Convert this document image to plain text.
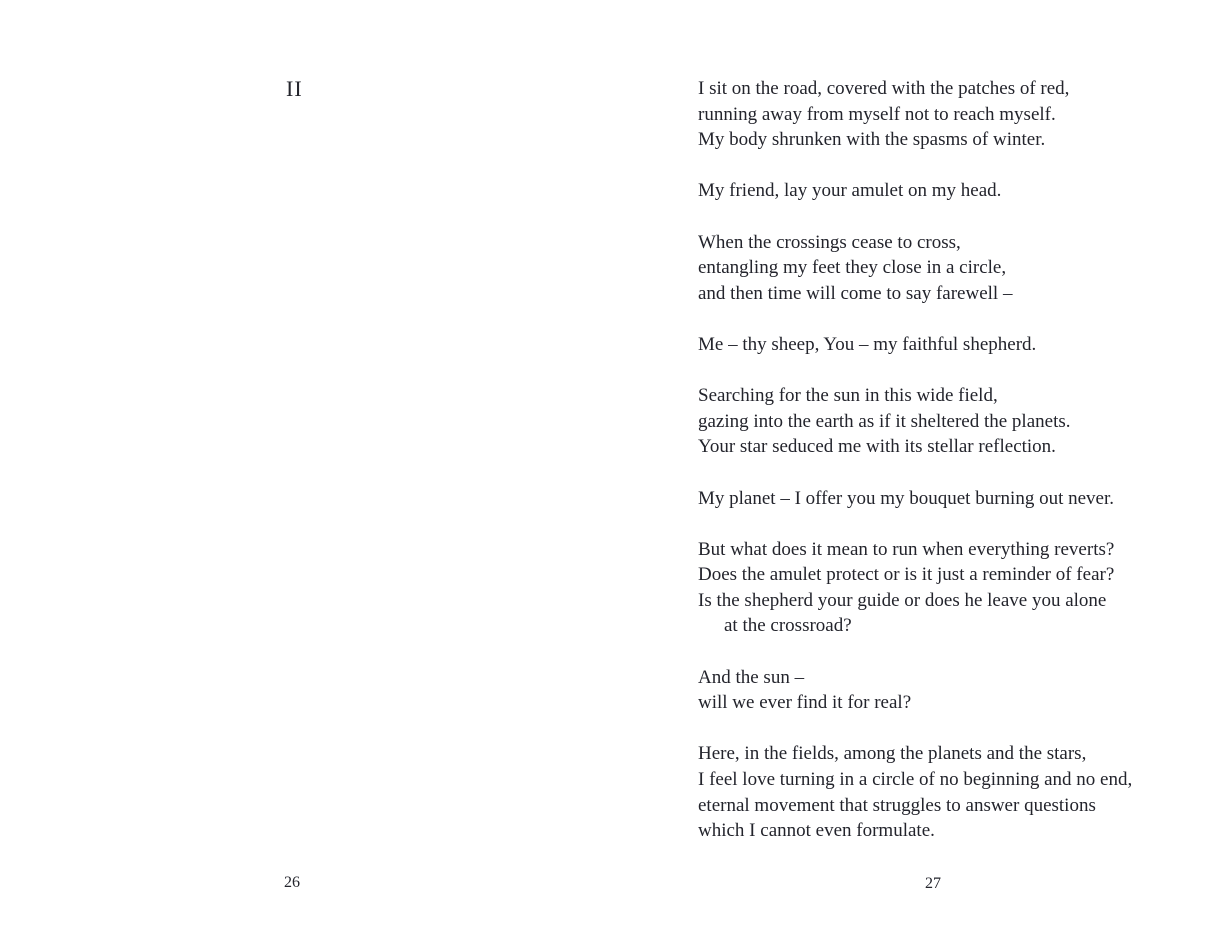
II	I sit on the road, covered with the patches of red,
running away from myself not to reach myself.
My body shrunken with the spasms of winter.
My friend, lay your amulet on my head.
When the crossings cease to cross,
entangling my feet they close in a circle,
and then time will come to say farewell –
Me – thy sheep, You – my faithful shepherd.
Searching for the sun in this wide field,
gazing into the earth as if it sheltered the planets.
Your star seduced me with its stellar reflection.
My planet – I offer you my bouquet burning out never.
But what does it mean to run when everything reverts?
Does the amulet protect or is it just a reminder of fear?
Is the shepherd your guide or does he leave you alone
at the crossroad?
And the sun –
will we ever find it for real?
Here, in the fields, among the planets and the stars,
I feel love turning in a circle of no beginning and no end,
eternal movement that struggles to answer questions
which I cannot even formulate.
26	27
